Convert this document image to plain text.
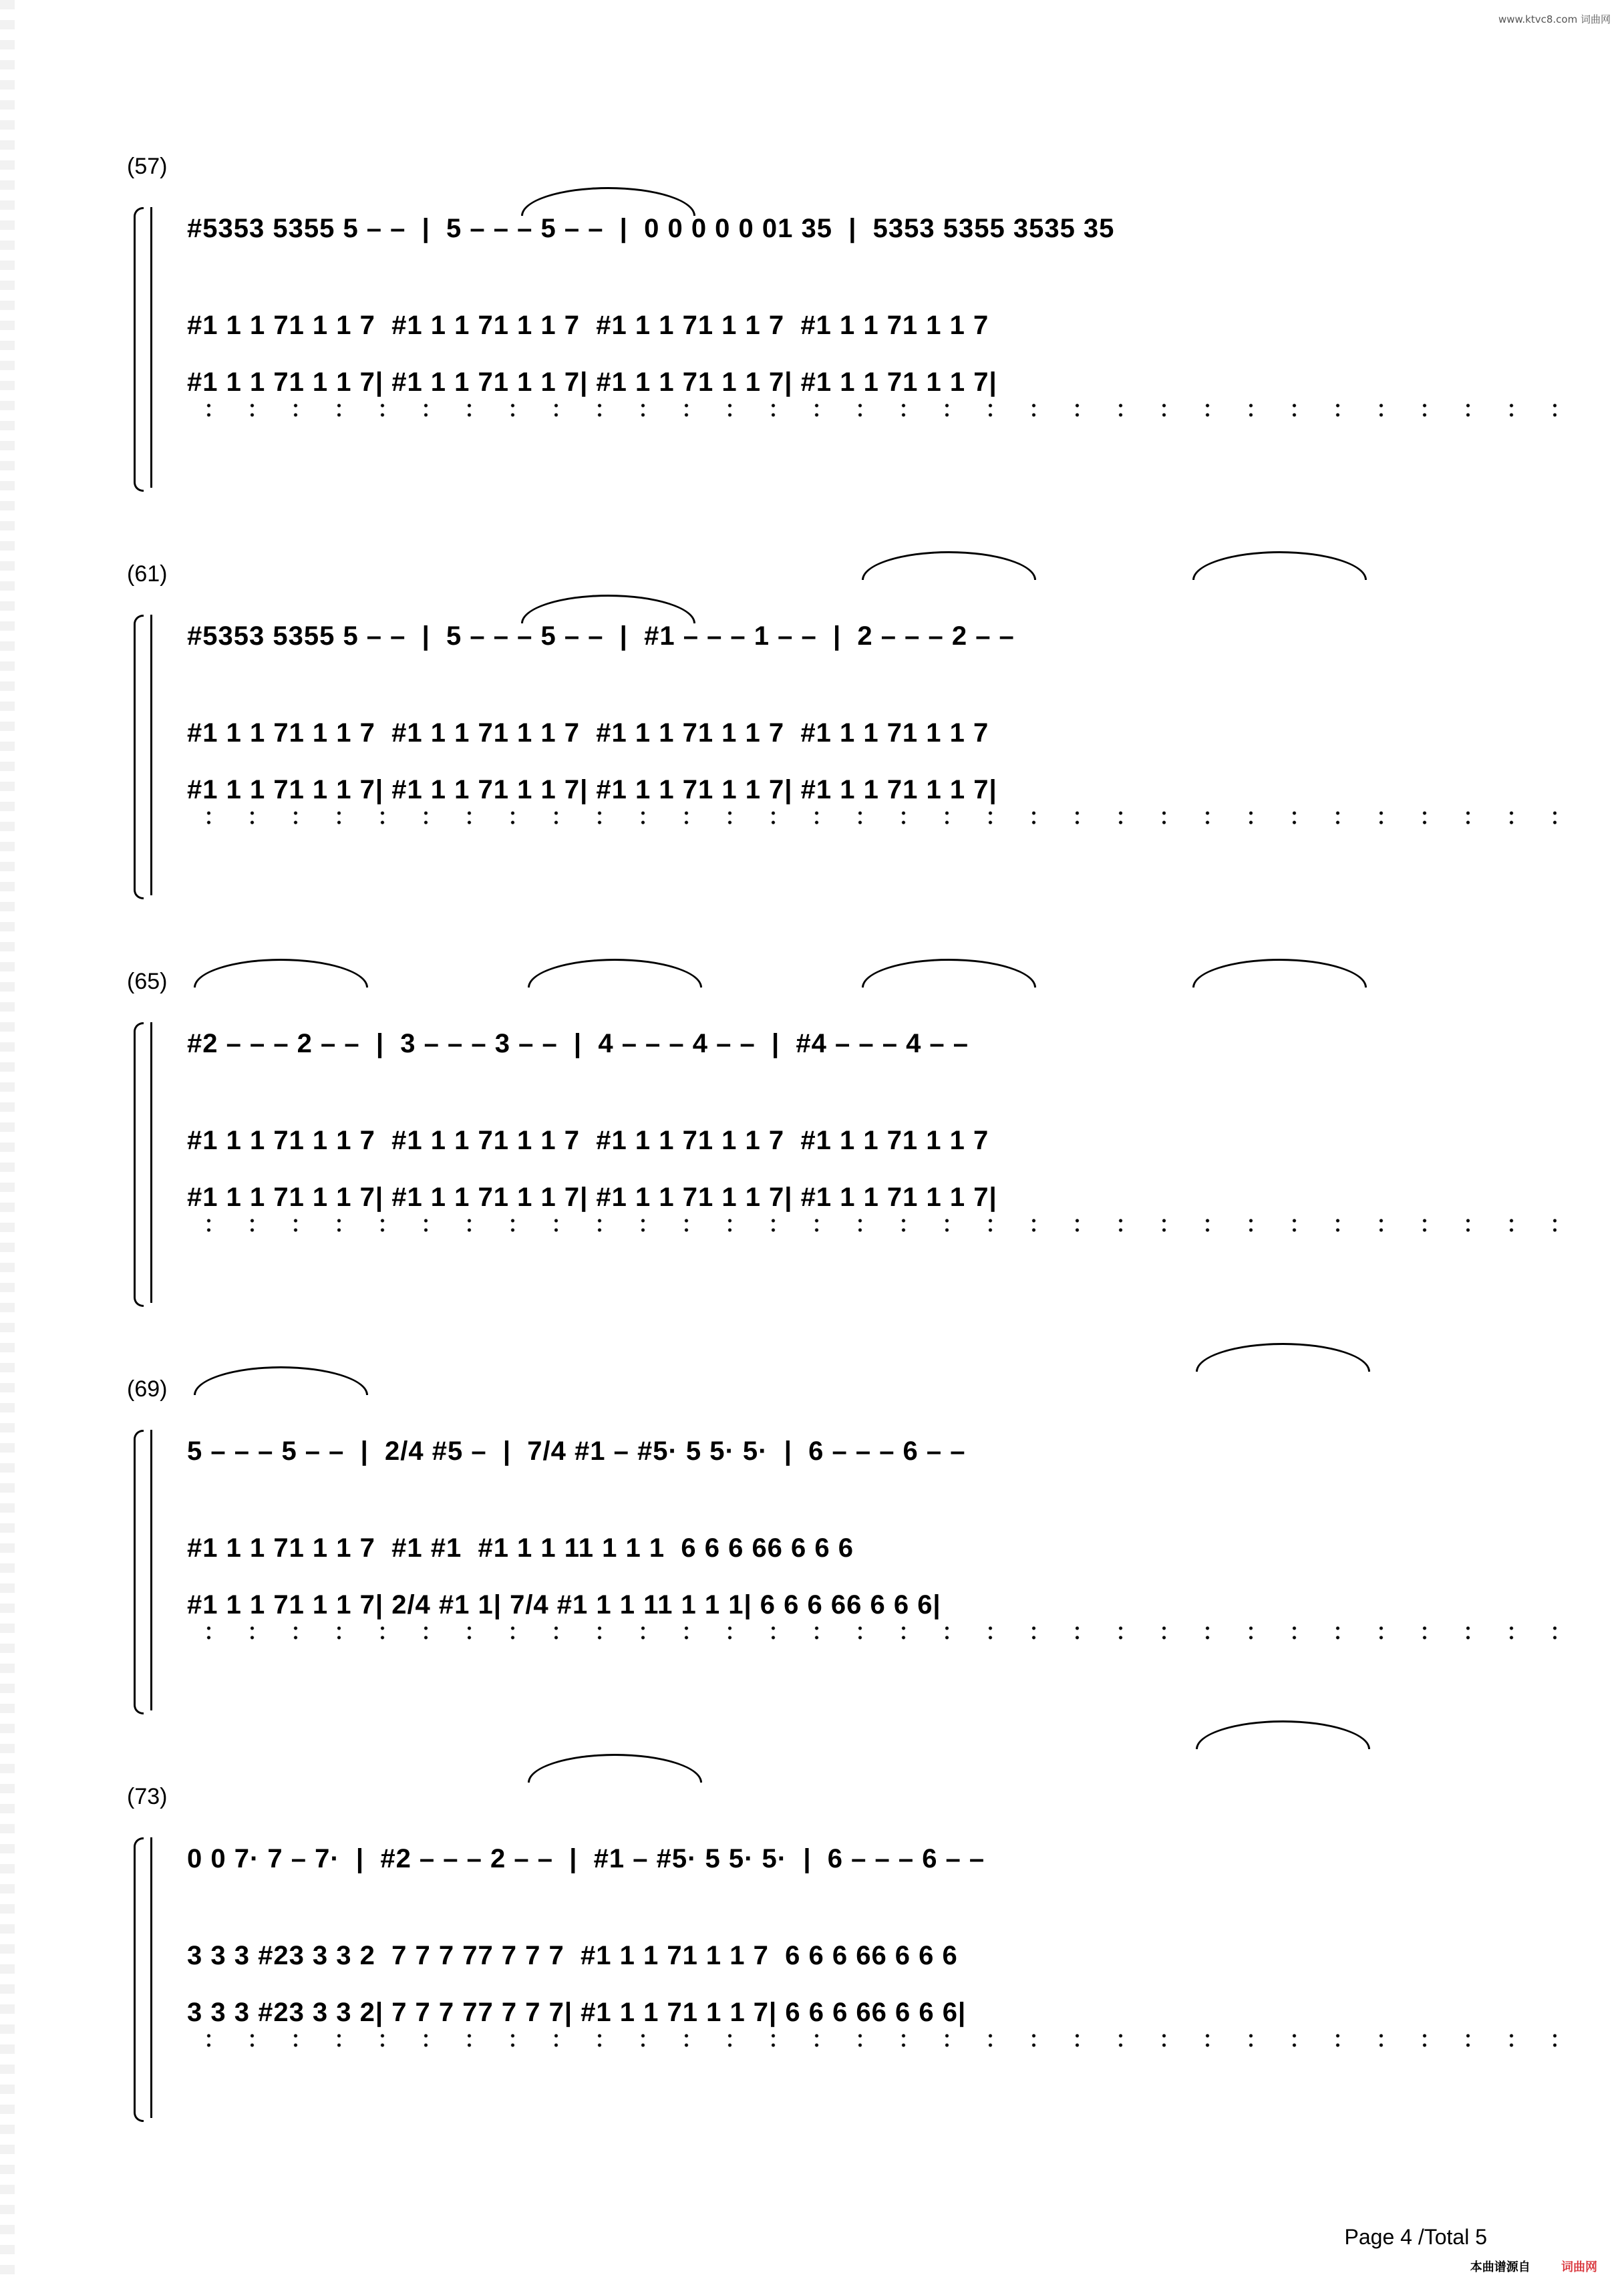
www.ktvc8.com 词曲网
(57)
#5353 5355 5 – –  |  5 – – – 5 – –  |  0 0 0 0 0 01 35  |  5353 5355 3535 35
#1 1 1 71 1 1 7  #1 1 1 71 1 1 7  #1 1 1 71 1 1 7  #1 1 1 71 1 1 7
#1 1 1 71 1 1 7| #1 1 1 71 1 1 7| #1 1 1 71 1 1 7| #1 1 1 71 1 1 7|
(61)
#5353 5355 5 – –  |  5 – – – 5 – –  |  #1 – – – 1 – –  |  2 – – – 2 – –
#1 1 1 71 1 1 7  #1 1 1 71 1 1 7  #1 1 1 71 1 1 7  #1 1 1 71 1 1 7
#1 1 1 71 1 1 7| #1 1 1 71 1 1 7| #1 1 1 71 1 1 7| #1 1 1 71 1 1 7|
(65)
#2 – – – 2 – –  |  3 – – – 3 – –  |  4 – – – 4 – –  |  #4 – – – 4 – –
#1 1 1 71 1 1 7  #1 1 1 71 1 1 7  #1 1 1 71 1 1 7  #1 1 1 71 1 1 7
#1 1 1 71 1 1 7| #1 1 1 71 1 1 7| #1 1 1 71 1 1 7| #1 1 1 71 1 1 7|
(69)
5 – – – 5 – –  |  2/4 #5 –  |  7/4 #1 – #5· 5 5· 5·  |  6 – – – 6 – –
#1 1 1 71 1 1 7  #1 #1  #1 1 1 11 1 1 1  6 6 6 66 6 6 6
#1 1 1 71 1 1 7| 2/4 #1 1| 7/4 #1 1 1 11 1 1 1| 6 6 6 66 6 6 6|
(73)
0 0 7· 7 – 7·  |  #2 – – – 2 – –  |  #1 – #5· 5 5· 5·  |  6 – – – 6 – –
3 3 3 #23 3 3 2  7 7 7 77 7 7 7  #1 1 1 71 1 1 7  6 6 6 66 6 6 6
3 3 3 #23 3 3 2| 7 7 7 77 7 7 7| #1 1 1 71 1 1 7| 6 6 6 66 6 6 6|
Page 4 /Total 5
本曲谱源自	词曲网
